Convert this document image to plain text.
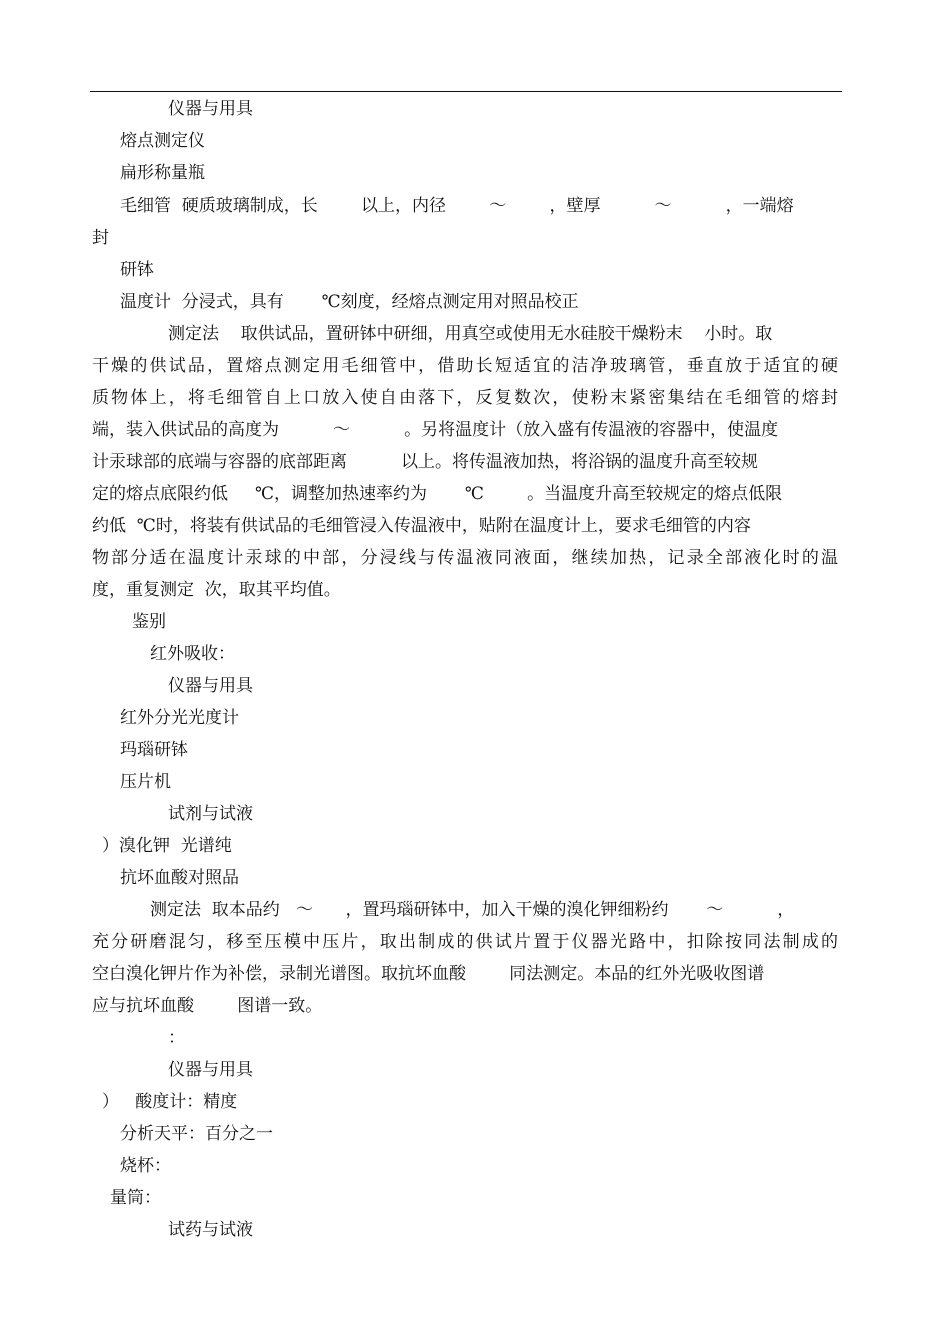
仪器与用具
熔点测定仪
扁形称量瓶
毛细管  硬质玻璃制成，长        以上，内径        ～        ，壁厚          ～          ，一端熔
封
研钵
温度计  分浸式，具有       ℃刻度，经熔点测定用对照品校正
测定法    取供试品，置研钵中研细，用真空或使用无水硅胶干燥粉末    小时。取
干燥的供试品，置熔点测定用毛细管中，借助长短适宜的洁净玻璃管，垂直放于适宜的硬
质物体上，将毛细管自上口放入使自由落下，反复数次，使粉末紧密集结在毛细管的熔封
端，装入供试品的高度为          ～          。另将温度计（放入盛有传温液的容器中，使温度
计汞球部的底端与容器的底部距离          以上。将传温液加热，将浴锅的温度升高至较规
定的熔点底限约低     ℃，调整加热速率约为       ℃        。当温度升高至较规定的熔点低限
约低  ℃时，将装有供试品的毛细管浸入传温液中，贴附在温度计上，要求毛细管的内容
物部分适在温度计汞球的中部，分浸线与传温液同液面，继续加热，记录全部液化时的温
度，重复测定  次，取其平均值。
鉴别
红外吸收：
仪器与用具
红外分光光度计
玛瑙研钵
压片机
试剂与试液
）溴化钾  光谱纯
抗坏血酸对照品
测定法  取本品约   ～      ，置玛瑙研钵中，加入干燥的溴化钾细粉约       ～          ，
充分研磨混匀，移至压模中压片，取出制成的供试片置于仪器光路中，扣除按同法制成的
空白溴化钾片作为补偿，录制光谱图。取抗坏血酸        同法测定。本品的红外光吸收图谱
应与抗坏血酸        图谱一致。
：
仪器与用具
）   酸度计：精度
分析天平：百分之一
烧杯：
量筒：
试药与试液
